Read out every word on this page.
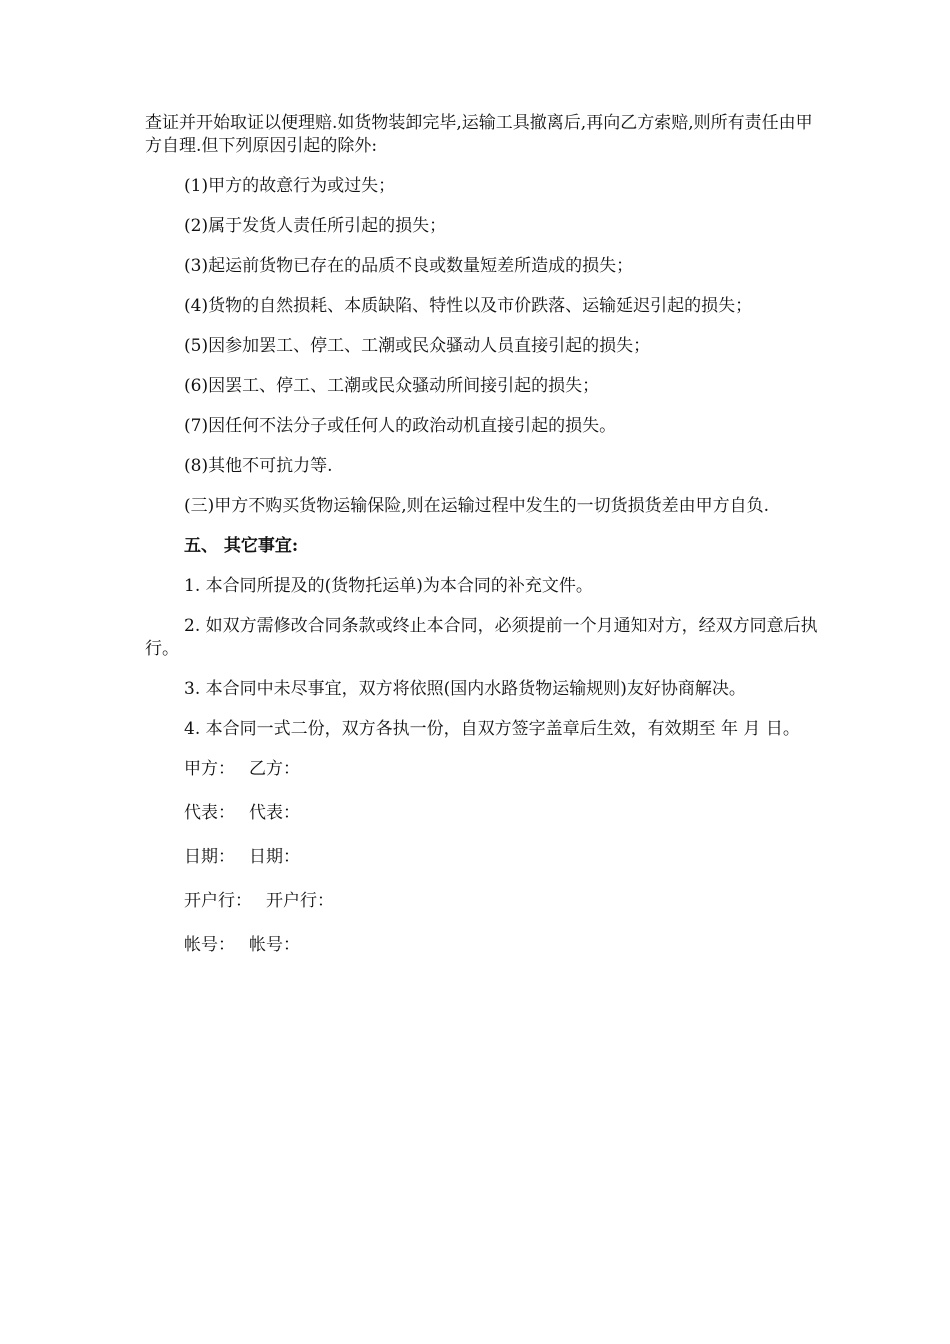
查证并开始取证以便理赔.如货物装卸完毕,运输工具撤离后,再向乙方索赔,则所有责任由甲方自理.但下列原因引起的除外:

(1)甲方的故意行为或过失；

(2)属于发货人责任所引起的损失；

(3)起运前货物已存在的品质不良或数量短差所造成的损失；

(4)货物的自然损耗、本质缺陷、特性以及市价跌落、运输延迟引起的损失；

(5)因参加罢工、停工、工潮或民众骚动人员直接引起的损失；

(6)因罢工、停工、工潮或民众骚动所间接引起的损失；

(7)因任何不法分子或任何人的政治动机直接引起的损失。

(8)其他不可抗力等.

(三)甲方不购买货物运输保险,则在运输过程中发生的一切货损货差由甲方自负.

五、 其它事宜:

1. 本合同所提及的(货物托运单)为本合同的补充文件。

2. 如双方需修改合同条款或终止本合同，必须提前一个月通知对方，经双方同意后执行。

3. 本合同中未尽事宜，双方将依照(国内水路货物运输规则)友好协商解决。

4. 本合同一式二份，双方各执一份，自双方签字盖章后生效，有效期至 年 月 日。

甲方： 乙方：
代表： 代表：
日期： 日期：
开户行： 开户行：
帐号： 帐号：
